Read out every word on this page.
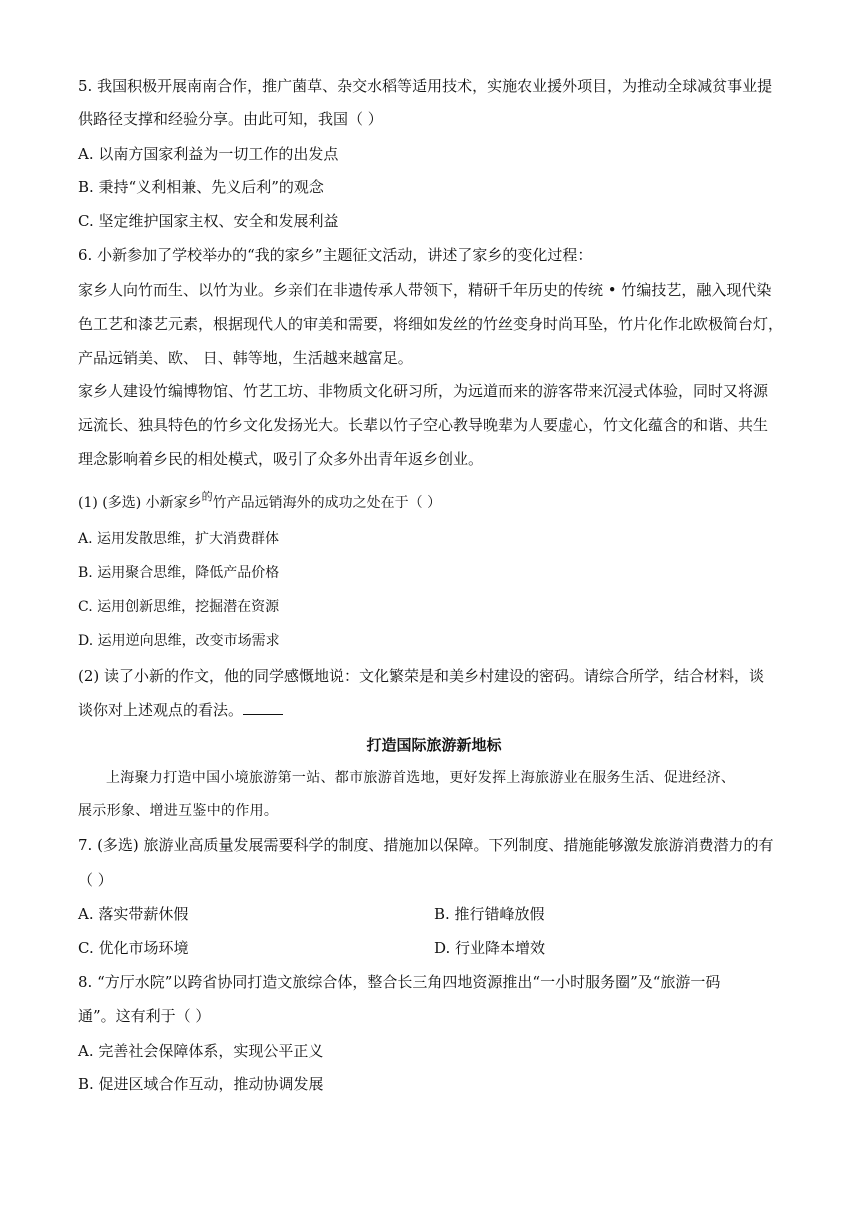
5. 我国积极开展南南合作，推广菌草、杂交水稻等适用技术，实施农业援外项目，为推动全球减贫事业提
供路径支撑和经验分享。由此可知，我国（ ）
A. 以南方国家利益为一切工作的出发点
B. 秉持“义利相兼、先义后利”的观念
C. 坚定维护国家主权、安全和发展利益
6. 小新参加了学校举办的“我的家乡”主题征文活动，讲述了家乡的变化过程：
家乡人向竹而生、以竹为业。乡亲们在非遗传承人带领下，精研千年历史的传统 • 竹编技艺，融入现代染
色工艺和漆艺元素，根据现代人的审美和需要，将细如发丝的竹丝变身时尚耳坠，竹片化作北欧极简台灯，
产品远销美、欧、 日、韩等地，生活越来越富足。
家乡人建设竹编博物馆、竹艺工坊、非物质文化研习所，为远道而来的游客带来沉浸式体验，同时又将源
远流长、独具特色的竹乡文化发扬光大。长辈以竹子空心教导晚辈为人要虚心，竹文化蕴含的和谐、共生
理念影响着乡民的相处模式，吸引了众多外出青年返乡创业。
(1) (多选) 小新家乡$^的$竹产品远销海外的成功之处在于（ ）
A. 运用发散思维，扩大消费群体
B. 运用聚合思维，降低产品价格
C. 运用创新思维，挖掘潜在资源
D. 运用逆向思维，改变市场需求
(2) 读了小新的作文，他的同学感慨地说：文化繁荣是和美乡村建设的密码。请综合所学，结合材料，谈
谈你对上述观点的看法。
打造国际旅游新地标
上海聚力打造中国小境旅游第一站、都市旅游首选地，更好发挥上海旅游业在服务生活、促进经济、
展示形象、增进互鉴中的作用。
7. (多选) 旅游业高质量发展需要科学的制度、措施加以保障。下列制度、措施能够激发旅游消费潜力的有
（ ）
A. 落实带薪休假	B. 推行错峰放假
C. 优化市场环境	D. 行业降本增效
8. “方厅水院”以跨省协同打造文旅综合体，整合长三角四地资源推出“一小时服务圈”及“旅游一码
通”。这有利于（ ）
A. 完善社会保障体系，实现公平正义
B. 促进区域合作互动，推动协调发展
